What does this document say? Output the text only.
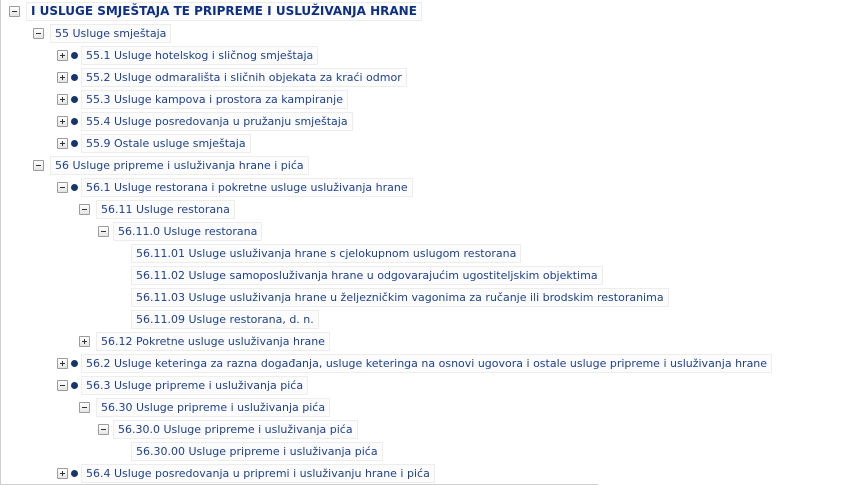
I USLUGE SMJEŠTAJA TE PRIPREME I USLUŽIVANJA HRANE
55 Usluge smještaja
55.1 Usluge hotelskog i sličnog smještaja
55.2 Usluge odmarališta i sličnih objekata za kraći odmor
55.3 Usluge kampova i prostora za kampiranje
55.4 Usluge posredovanja u pružanju smještaja
55.9 Ostale usluge smještaja
56 Usluge pripreme i usluživanja hrane i pića
56.1 Usluge restorana i pokretne usluge usluživanja hrane
56.11 Usluge restorana
56.11.0 Usluge restorana
56.11.01 Usluge usluživanja hrane s cjelokupnom uslugom restorana
56.11.02 Usluge samoposluživanja hrane u odgovarajućim ugostiteljskim objektima
56.11.03 Usluge usluživanja hrane u željezničkim vagonima za ručanje ili brodskim restoranima
56.11.09 Usluge restorana, d. n.
56.12 Pokretne usluge usluživanja hrane
56.2 Usluge keteringa za razna događanja, usluge keteringa na osnovi ugovora i ostale usluge pripreme i usluživanja hrane
56.3 Usluge pripreme i usluživanja pića
56.30 Usluge pripreme i usluživanja pića
56.30.0 Usluge pripreme i usluživanja pića
56.30.00 Usluge pripreme i usluživanja pića
56.4 Usluge posredovanja u pripremi i usluživanju hrane i pića
